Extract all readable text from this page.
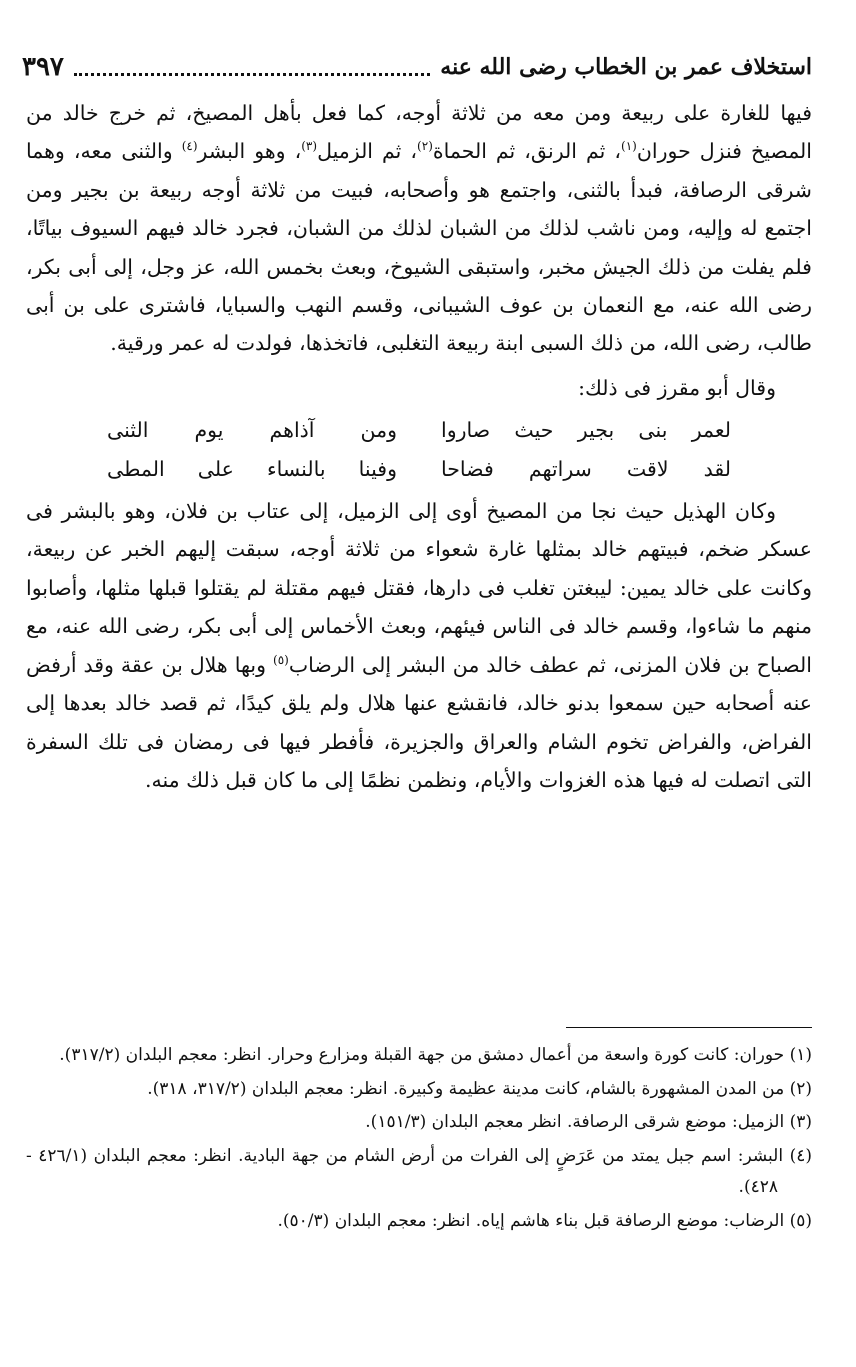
استخلاف عمر بن الخطاب رضى الله عنه
٣٩٧

فيها للغارة على ربيعة ومن معه من ثلاثة أوجه، كما فعل بأهل المصيخ، ثم خرج خالد من المصيخ فنزل حوران$^{(١)}$، ثم الرنق، ثم الحماة$^{(٢)}$، ثم الزميل$^{(٣)}$، وهو البشر$^{(٤)}$ والثنى معه، وهما شرقى الرصافة، فبدأ بالثنى، واجتمع هو وأصحابه، فبيت من ثلاثة أوجه ربيعة بن بجير ومن اجتمع له وإليه، ومن ناشب لذلك من الشبان لذلك من الشبان، فجرد خالد فيهم السيوف بياتًا، فلم يفلت من ذلك الجيش مخبر، واستبقى الشيوخ، وبعث بخمس الله، عز وجل، إلى أبى بكر، رضى الله عنه، مع النعمان بن عوف الشيبانى، وقسم النهب والسبايا، فاشترى على بن أبى طالب، رضى الله، من ذلك السبى ابنة ربيعة التغلبى، فاتخذها، فولدت له عمر ورقية.

وقال أبو مقرز فى ذلك:

لعمر بنى بجير حيث صاروا
ومن آذاهم يوم الثنى
لقد لاقت سراتهم فضاحا
وفينا بالنساء على المطى

وكان الهذيل حيث نجا من المصيخ أوى إلى الزميل، إلى عتاب بن فلان، وهو بالبشر فى عسكر ضخم، فبيتهم خالد بمثلها غارة شعواء من ثلاثة أوجه، سبقت إليهم الخبر عن ربيعة، وكانت على خالد يمين: ليبغتن تغلب فى دارها، فقتل فيهم مقتلة لم يقتلوا قبلها مثلها، وأصابوا منهم ما شاءوا، وقسم خالد فى الناس فيئهم، وبعث الأخماس إلى أبى بكر، رضى الله عنه، مع الصباح بن فلان المزنى، ثم عطف خالد من البشر إلى الرضاب$^{(٥)}$ وبها هلال بن عقة وقد أرفض عنه أصحابه حين سمعوا بدنو خالد، فانقشع عنها هلال ولم يلق كيدًا، ثم قصد خالد بعدها إلى الفراض، والفراض تخوم الشام والعراق والجزيرة، فأفطر فيها فى رمضان فى تلك السفرة التى اتصلت له فيها هذه الغزوات والأيام، ونظمن نظمًا إلى ما كان قبل ذلك منه.

(١) حوران: كانت كورة واسعة من أعمال دمشق من جهة القبلة ومزارع وحرار. انظر: معجم البلدان (٣١٧/٢).

(٢) من المدن المشهورة بالشام، كانت مدينة عظيمة وكبيرة. انظر: معجم البلدان (٣١٧/٢، ٣١٨).

(٣) الزميل: موضع شرقى الرصافة. انظر معجم البلدان (١٥١/٣).

(٤) البشر: اسم جبل يمتد من عَرَضٍ إلى الفرات من أرض الشام من جهة البادية. انظر: معجم البلدان (٤٢٦/١ - ٤٢٨).

(٥) الرضاب: موضع الرصافة قبل بناء هاشم إياه. انظر: معجم البلدان (٥٠/٣).
